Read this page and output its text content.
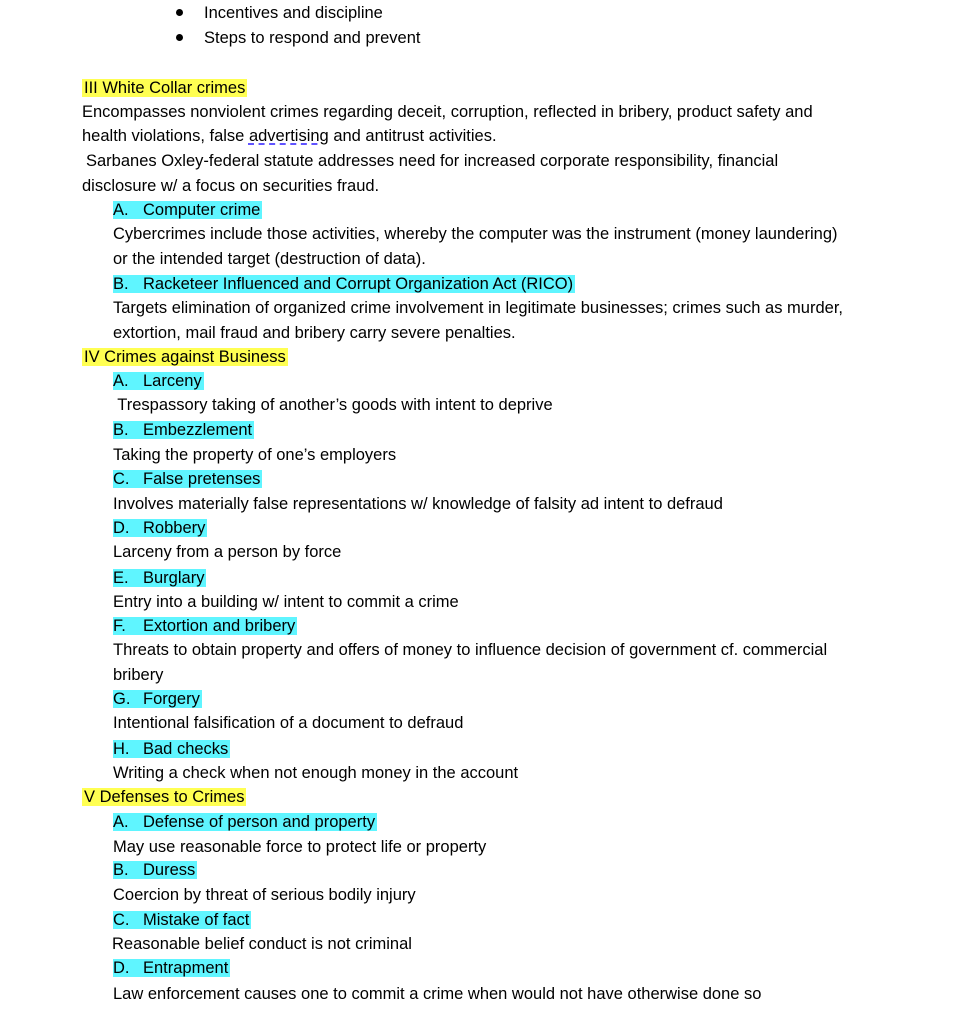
Incentives and discipline
Steps to respond and prevent
III White Collar crimes
Encompasses nonviolent crimes regarding deceit, corruption, reflected in bribery, product safety and
health violations, false advertising and antitrust activities.
Sarbanes Oxley-federal statute addresses need for increased corporate responsibility, financial
disclosure w/ a focus on securities fraud.
A. Computer crime
Cybercrimes include those activities, whereby the computer was the instrument (money laundering)
or the intended target (destruction of data).
B. Racketeer Influenced and Corrupt Organization Act (RICO)
Targets elimination of organized crime involvement in legitimate businesses; crimes such as murder,
extortion, mail fraud and bribery carry severe penalties.
IV Crimes against Business
A. Larceny
Trespassory taking of another’s goods with intent to deprive
B. Embezzlement
Taking the property of one’s employers
C. False pretenses
Involves materially false representations w/ knowledge of falsity ad intent to defraud
D. Robbery
Larceny from a person by force
E. Burglary
Entry into a building w/ intent to commit a crime
F. Extortion and bribery
Threats to obtain property and offers of money to influence decision of government cf. commercial
bribery
G. Forgery
Intentional falsification of a document to defraud
H. Bad checks
Writing a check when not enough money in the account
V Defenses to Crimes
A. Defense of person and property
May use reasonable force to protect life or property
B. Duress
Coercion by threat of serious bodily injury
C. Mistake of fact
Reasonable belief conduct is not criminal
D. Entrapment
Law enforcement causes one to commit a crime when would not have otherwise done so
